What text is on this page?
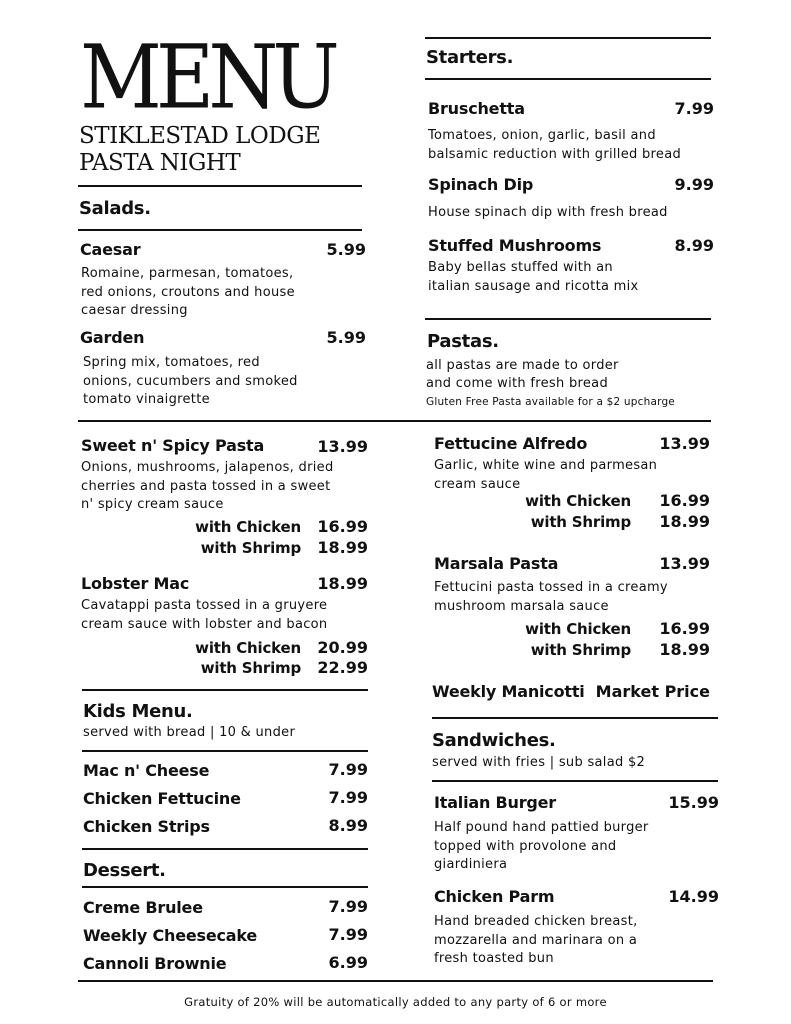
MENU
STIKLESTAD LODGE
PASTA NIGHT
Salads.
Caesar	5.99
Romaine, parmesan, tomatoes,
red onions, croutons and house
caesar dressing
Garden	5.99
Spring mix, tomatoes, red
onions, cucumbers and smoked
tomato vinaigrette
Starters.
Bruschetta	7.99
Tomatoes, onion, garlic, basil and
balsamic reduction with grilled bread
Spinach Dip	9.99
House spinach dip with fresh bread
Stuffed Mushrooms	8.99
Baby bellas stuffed with an
italian sausage and ricotta mix
Pastas.
all pastas are made to order
and come with fresh bread
Gluten Free Pasta available for a $2 upcharge
Sweet n' Spicy Pasta	13.99
Onions, mushrooms, jalapenos, dried
cherries and pasta tossed in a sweet
n' spicy cream sauce
with Chicken	16.99
with Shrimp	18.99
Lobster Mac	18.99
Cavatappi pasta tossed in a gruyere
cream sauce with lobster and bacon
with Chicken	20.99
with Shrimp	22.99
Fettucine Alfredo	13.99
Garlic, white wine and parmesan
cream sauce
with Chicken	16.99
with Shrimp	18.99
Marsala Pasta	13.99
Fettucini pasta tossed in a creamy
mushroom marsala sauce
with Chicken	16.99
with Shrimp	18.99
Weekly Manicotti Market Price
Kids Menu.
served with bread | 10 & under
Mac n' Cheese	7.99
Chicken Fettucine	7.99
Chicken Strips	8.99
Dessert.
Creme Brulee	7.99
Weekly Cheesecake	7.99
Cannoli Brownie	6.99
Sandwiches.
served with fries | sub salad $2
Italian Burger	15.99
Half pound hand pattied burger
topped with provolone and
giardiniera
Chicken Parm	14.99
Hand breaded chicken breast,
mozzarella and marinara on a
fresh toasted bun
Gratuity of 20% will be automatically added to any party of 6 or more
